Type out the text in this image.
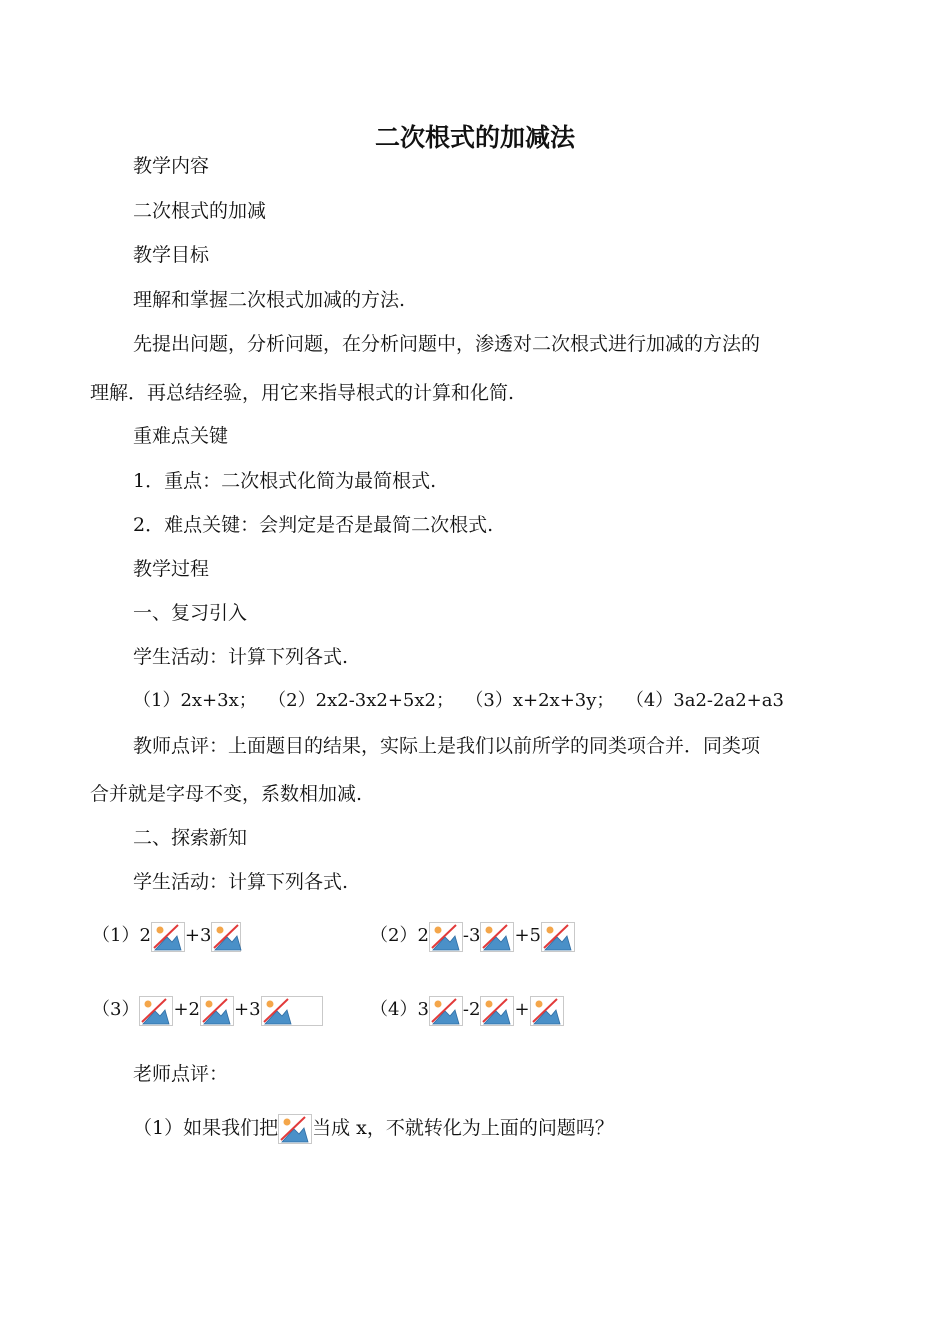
二次根式的加减法
教学内容
二次根式的加减
教学目标
理解和掌握二次根式加减的方法.
先提出问题，分析问题，在分析问题中，渗透对二次根式进行加减的方法的
理解．再总结经验，用它来指导根式的计算和化简.
重难点关键
1．重点：二次根式化简为最简根式.
2．难点关键：会判定是否是最简二次根式.
教学过程
一、复习引入
学生活动：计算下列各式.
（1）2x+3x；  （2）2x2-3x2+5x2；  （3）x+2x+3y；  （4）3a2-2a2+a3
教师点评：上面题目的结果，实际上是我们以前所学的同类项合并．同类项
合并就是字母不变，系数相加减.
二、探索新知
学生活动：计算下列各式.
（1）2 +3	（2）2 -3 +5
（3） +2 +3	（4）3 -2 +
老师点评：
（1）如果我们把 当成 x，不就转化为上面的问题吗？
